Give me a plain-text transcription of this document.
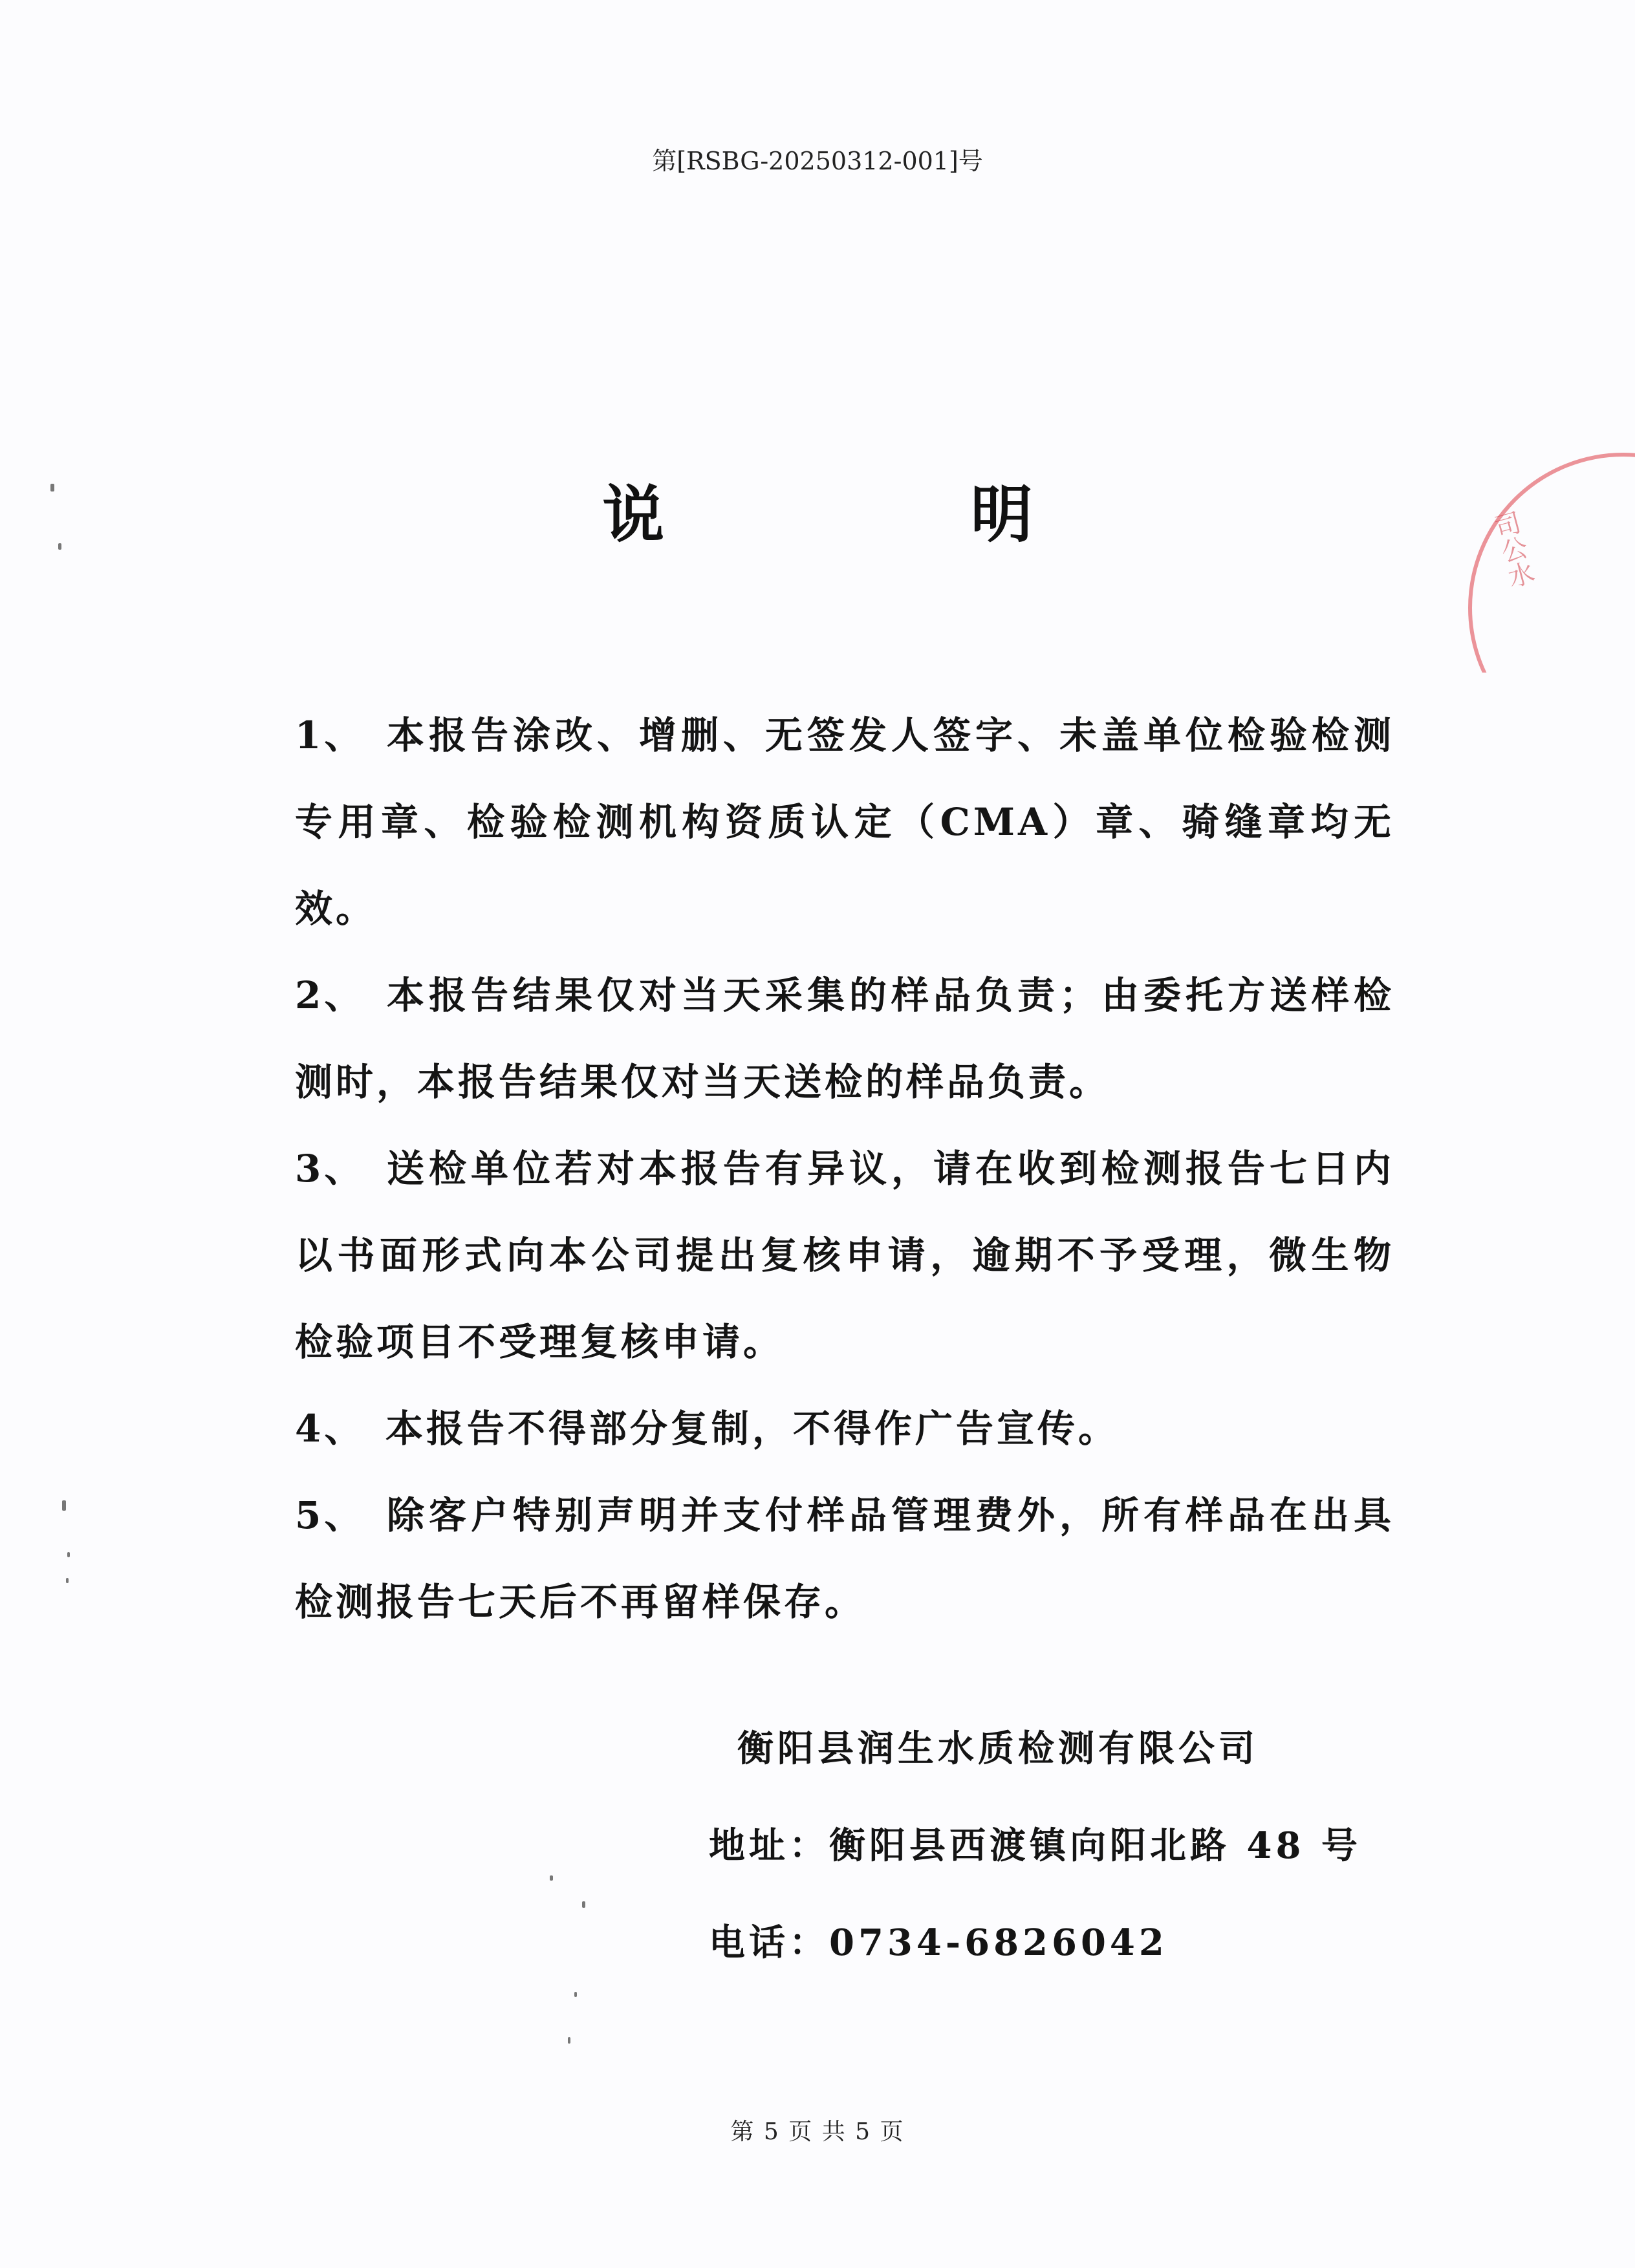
第[RSBG-20250312-001]号
司公水
说 明
1、 本报告涂改、增删、无签发人签字、未盖单位检验检测专用章、检验检测机构资质认定（CMA）章、骑缝章均无效。
2、 本报告结果仅对当天采集的样品负责；由委托方送样检测时，本报告结果仅对当天送检的样品负责。
3、 送检单位若对本报告有异议，请在收到检测报告七日内以书面形式向本公司提出复核申请，逾期不予受理，微生物检验项目不受理复核申请。
4、 本报告不得部分复制，不得作广告宣传。
5、 除客户特别声明并支付样品管理费外，所有样品在出具检测报告七天后不再留样保存。
衡阳县润生水质检测有限公司
地址：衡阳县西渡镇向阳北路 48 号
电话：0734-6826042
第 5 页 共 5 页
